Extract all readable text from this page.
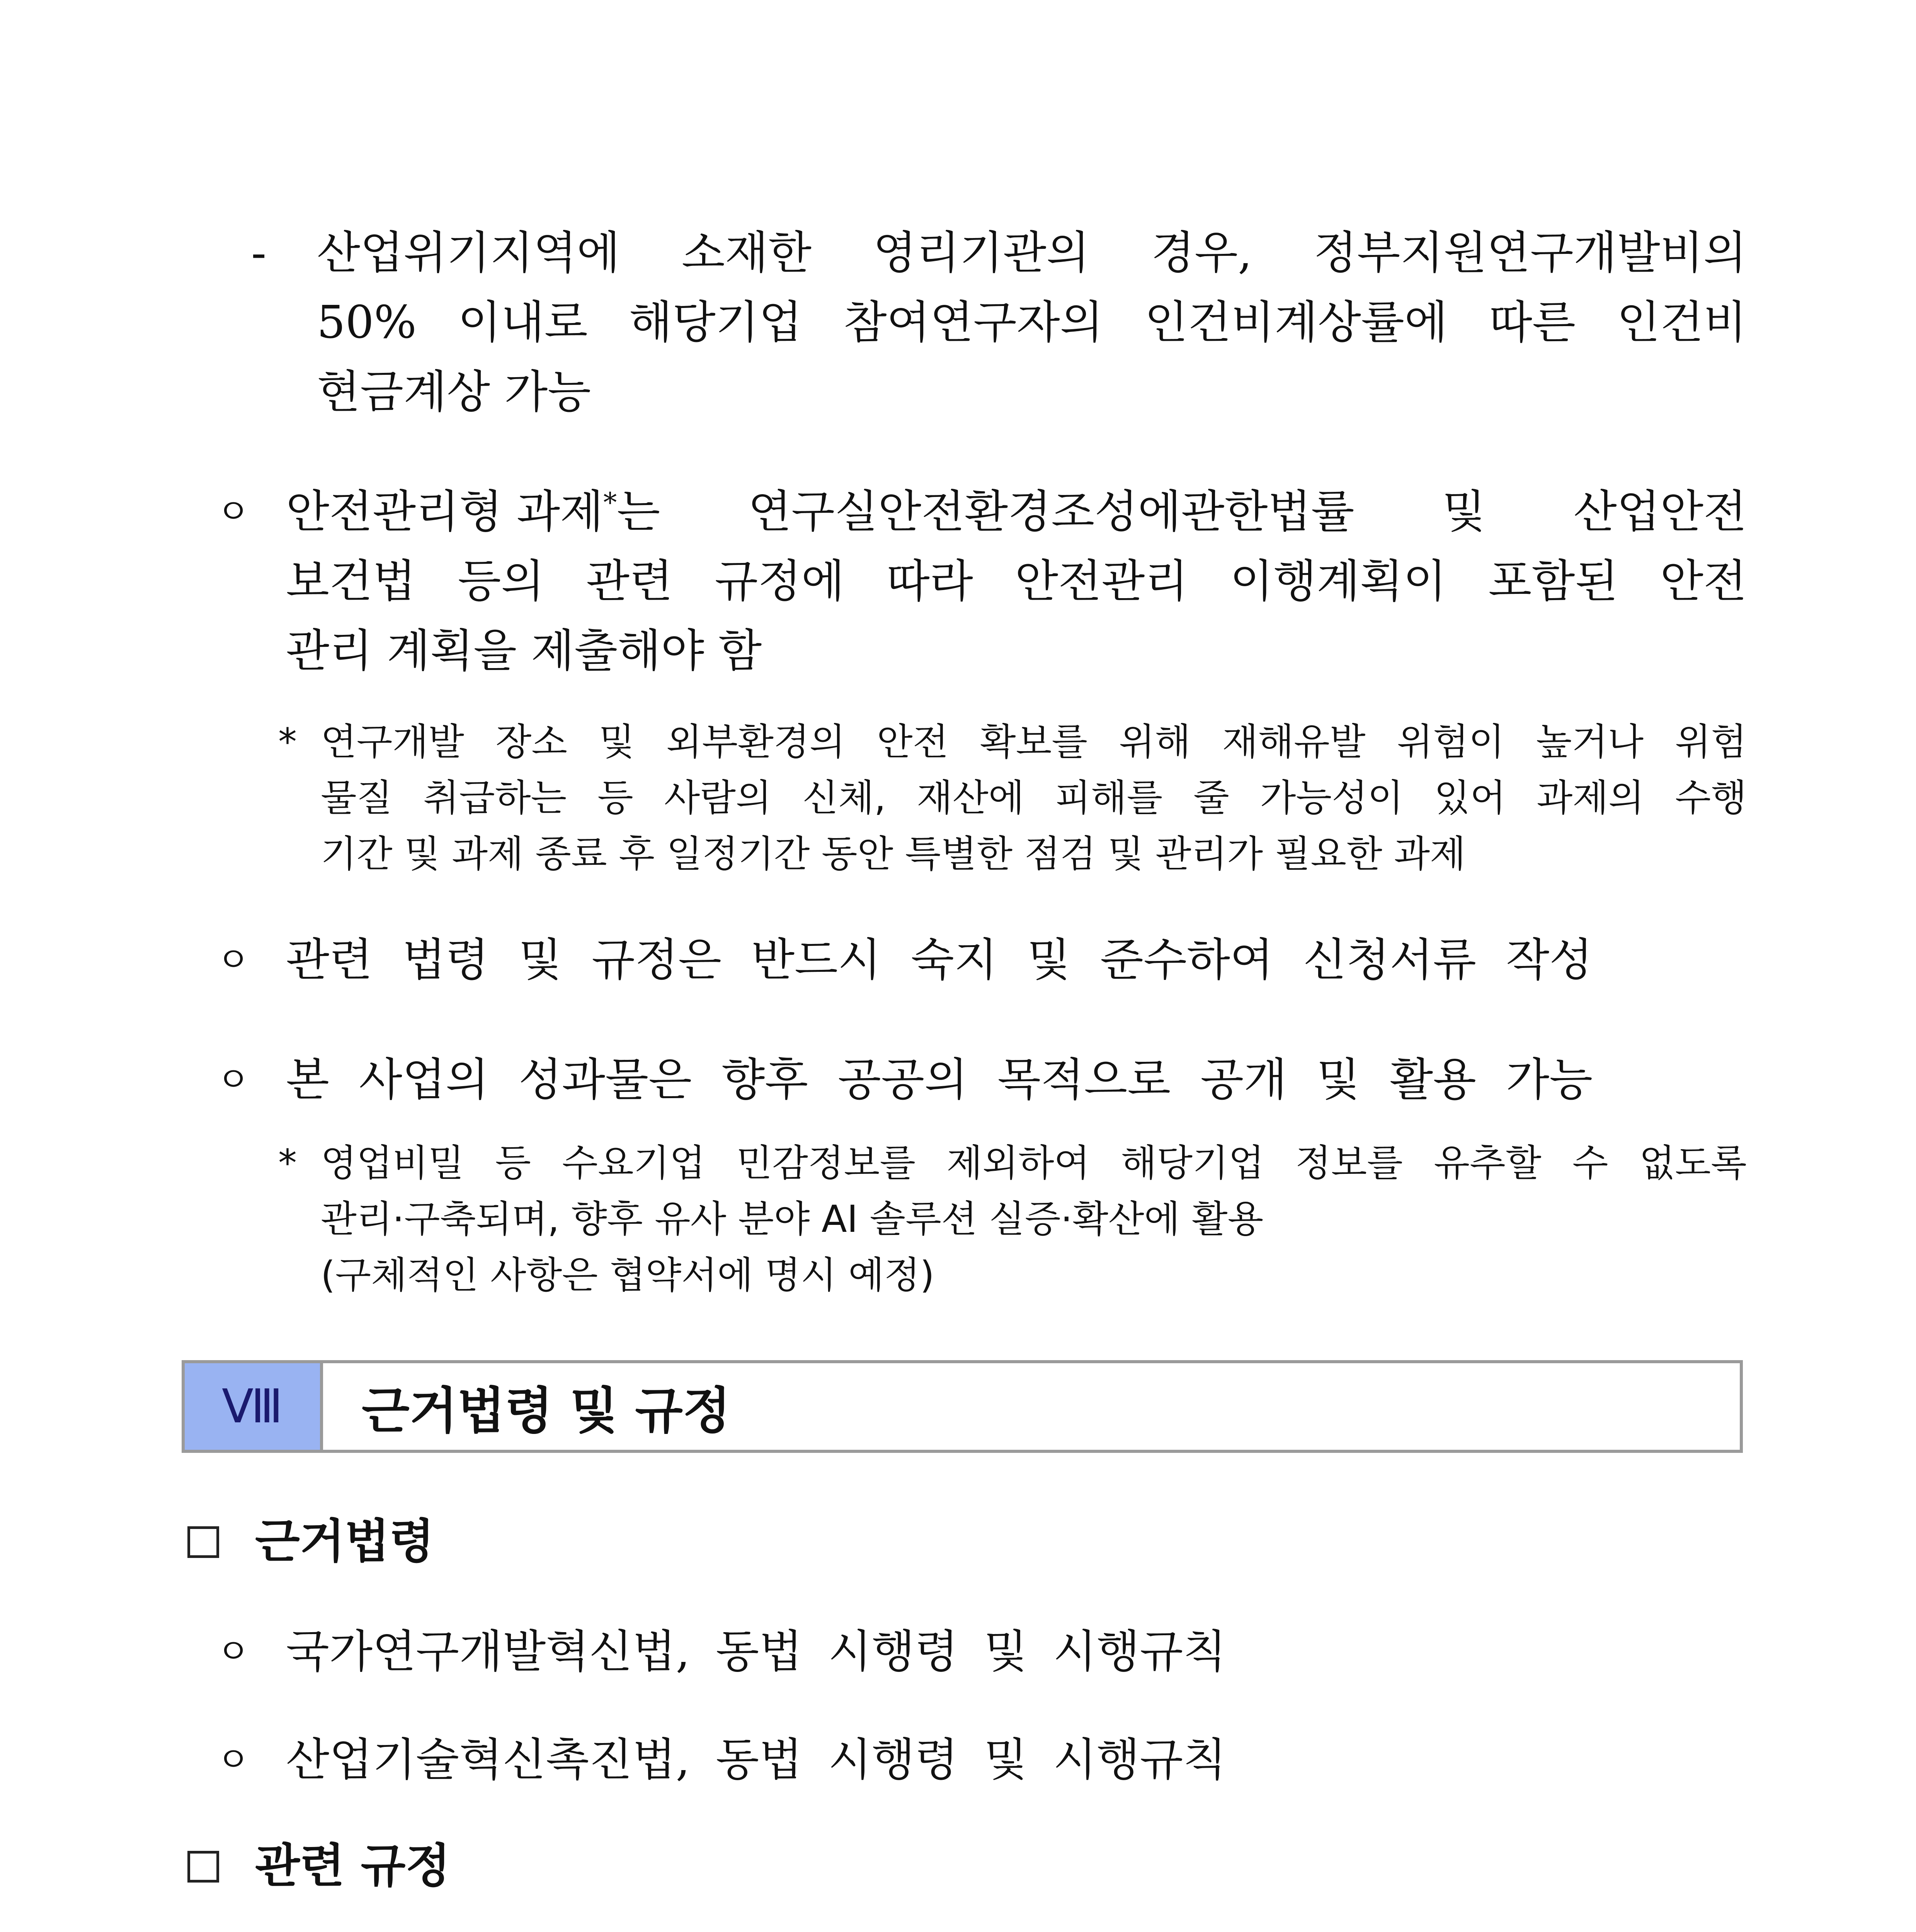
- 산업위기지역에 소재한 영리기관의 경우, 정부지원연구개발비의
50% 이내로 해당기업 참여연구자의 인건비계상률에 따른 인건비
현금계상 가능
ㅇ 안전관리형 과제*는 연구실안전환경조성에관한법률 및 산업안전
보건법 등의 관련 규정에 따라 안전관리 이행계획이 포함된 안전
관리 계획을 제출해야 함
* 연구개발 장소 및 외부환경의 안전 확보를 위해 재해유발 위험이 높거나 위험
물질 취급하는 등 사람의 신체, 재산에 피해를 줄 가능성이 있어 과제의 수행
기간 및 과제 종료 후 일정기간 동안 특별한 점검 및 관리가 필요한 과제
ㅇ 관련 법령 및 규정은 반드시 숙지 및 준수하여 신청서류 작성
ㅇ 본 사업의 성과물은 향후 공공의 목적으로 공개 및 활용 가능
* 영업비밀 등 수요기업 민감정보를 제외하여 해당기업 정보를 유추할 수 없도록
관리·구축되며, 향후 유사 분야 AI 솔루션 실증·확산에 활용
(구체적인 사항은 협약서에 명시 예정)
Ⅷ	근거법령 및 규정
근거법령
ㅇ 국가연구개발혁신법, 동법 시행령 및 시행규칙
ㅇ 산업기술혁신촉진법, 동법 시행령 및 시행규칙
관련 규정
